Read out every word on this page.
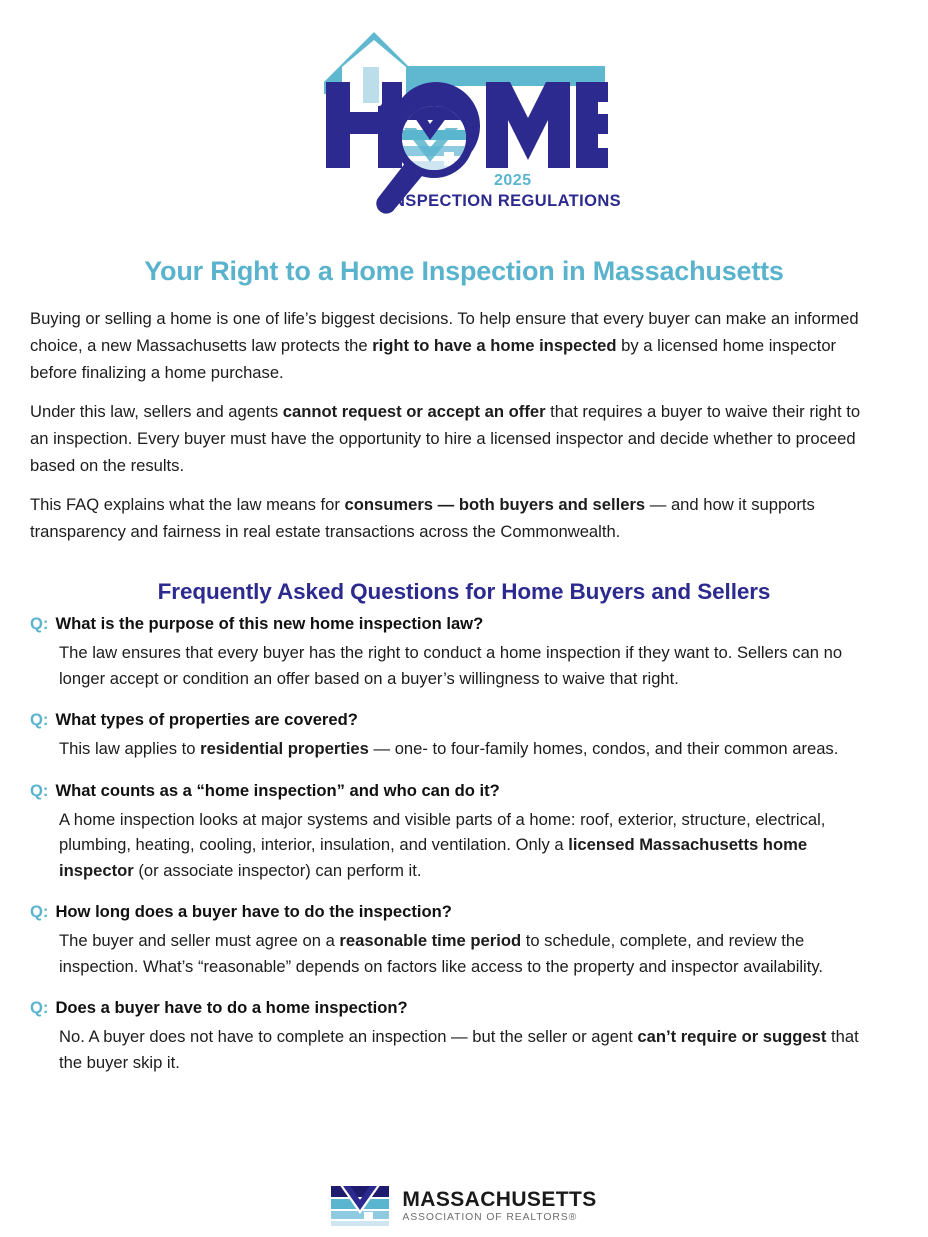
2025
INSPECTION REGULATIONS
Your Right to a Home Inspection in Massachusetts

Buying or selling a home is one of life’s biggest decisions. To help ensure that every buyer can make an informed choice, a new Massachusetts law protects the right to have a home inspected by a licensed home inspector before finalizing a home purchase.

Under this law, sellers and agents cannot request or accept an offer that requires a buyer to waive their right to an inspection. Every buyer must have the opportunity to hire a licensed inspector and decide whether to proceed based on the results.

This FAQ explains what the law means for consumers — both buyers and sellers — and how it supports transparency and fairness in real estate transactions across the Commonwealth.

Frequently Asked Questions for Home Buyers and Sellers
Q: What is the purpose of this new home inspection law?
The law ensures that every buyer has the right to conduct a home inspection if they want to. Sellers can no longer accept or condition an offer based on a buyer’s willingness to waive that right.
Q: What types of properties are covered?
This law applies to residential properties — one- to four-family homes, condos, and their common areas.
Q: What counts as a “home inspection” and who can do it?
A home inspection looks at major systems and visible parts of a home: roof, exterior, structure, electrical, plumbing, heating, cooling, interior, insulation, and ventilation. Only a licensed Massachusetts home inspector (or associate inspector) can perform it.
Q: How long does a buyer have to do the inspection?
The buyer and seller must agree on a reasonable time period to schedule, complete, and review the inspection. What’s “reasonable” depends on factors like access to the property and inspector availability.
Q: Does a buyer have to do a home inspection?
No. A buyer does not have to complete an inspection — but the seller or agent can’t require or suggest that the buyer skip it.
MASSACHUSETTS
ASSOCIATION OF REALTORS®
